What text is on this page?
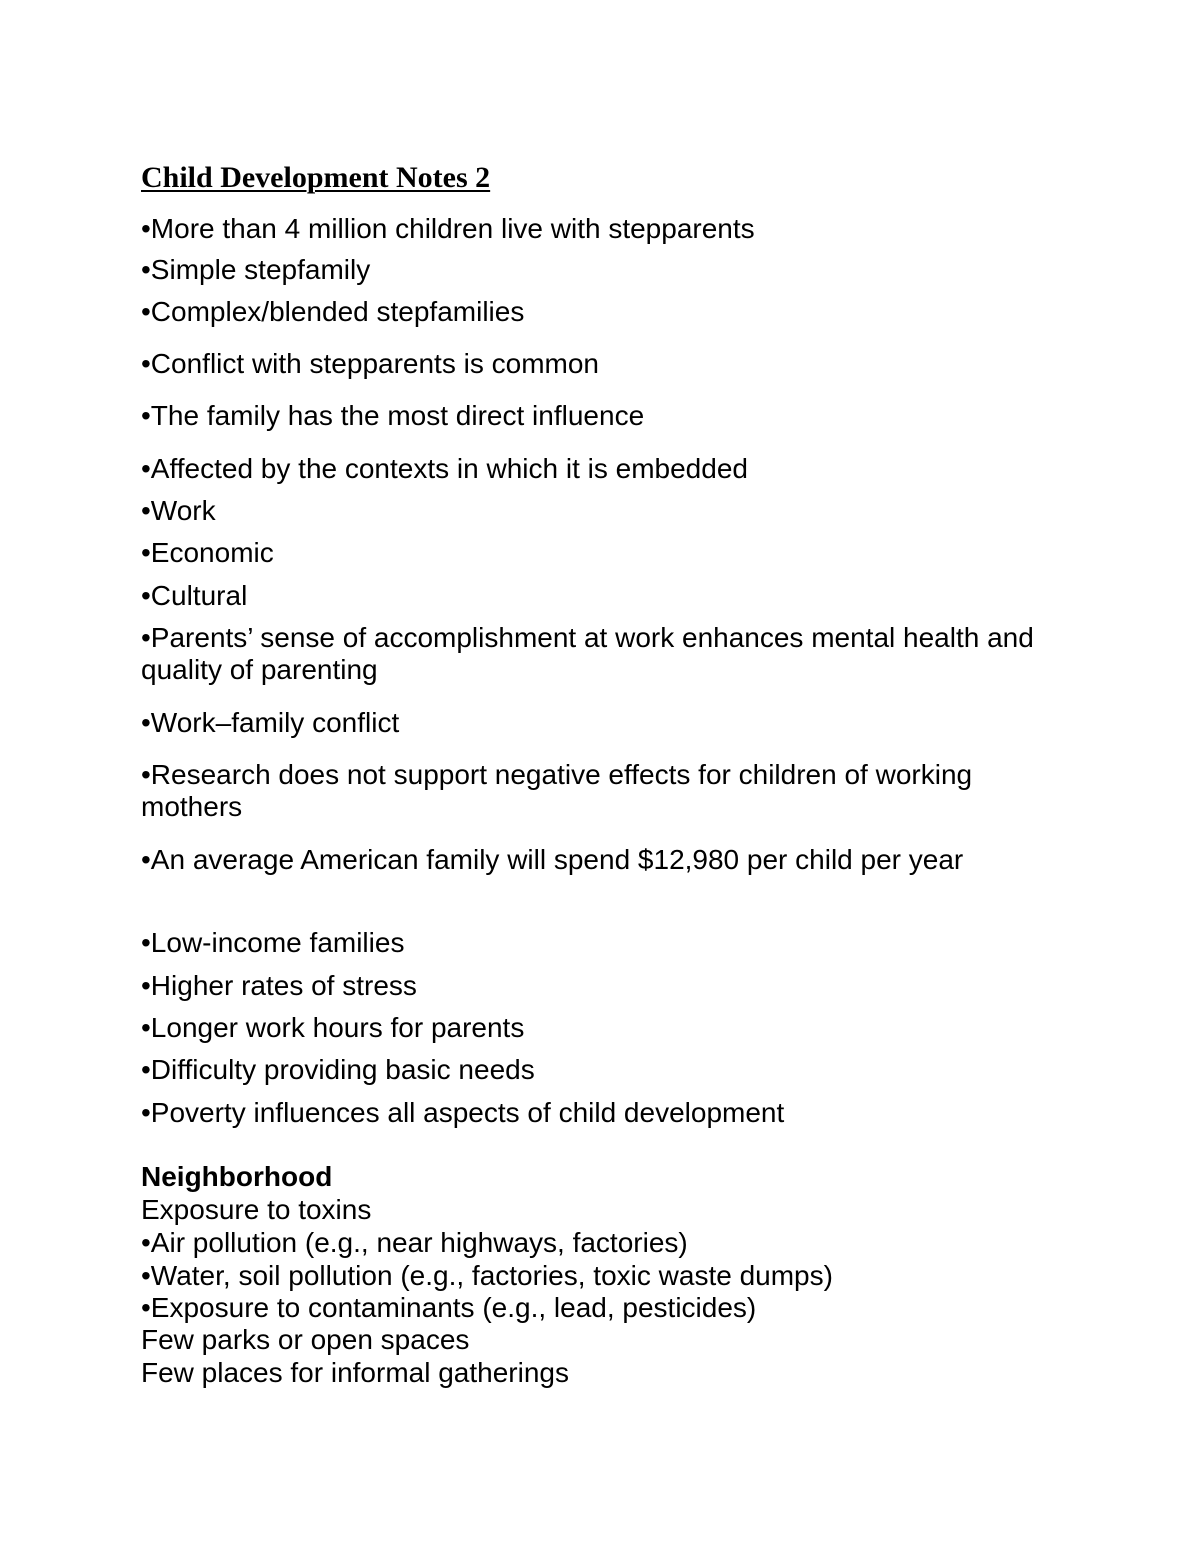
Child Development Notes 2

•More than 4 million children live with stepparents

•Simple stepfamily

•Complex/blended stepfamilies

•Conflict with stepparents is common

•The family has the most direct influence

•Affected by the contexts in which it is embedded

•Work

•Economic

•Cultural

•Parents’ sense of accomplishment at work enhances mental health and quality of parenting

•Work–family conflict

•Research does not support negative effects for children of working mothers

•An average American family will spend $12,980 per child per year

•Low-income families

•Higher rates of stress

•Longer work hours for parents

•Difficulty providing basic needs

•Poverty influences all aspects of child development

Neighborhood

Exposure to toxins

•Air pollution (e.g., near highways, factories)

•Water, soil pollution (e.g., factories, toxic waste dumps)

•Exposure to contaminants (e.g., lead, pesticides)

Few parks or open spaces

Few places for informal gatherings
